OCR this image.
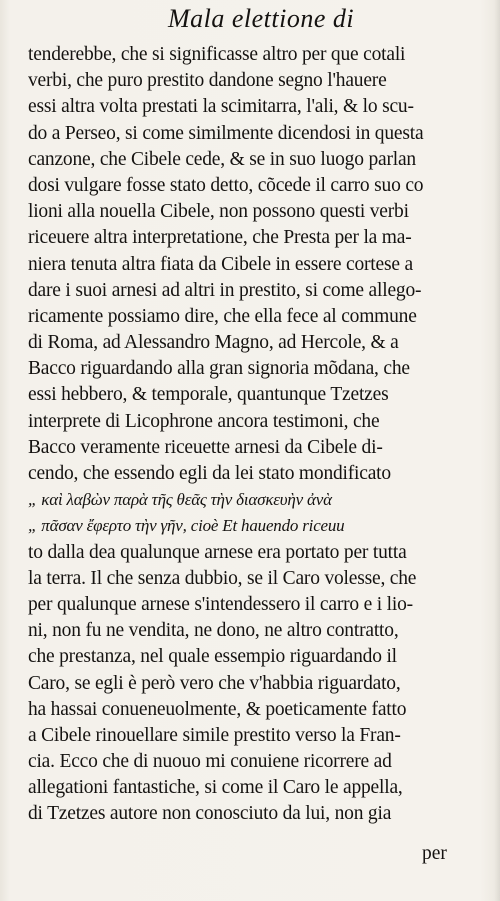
Mala elettione di
tenderebbe, che si significasse altro per que cotali
verbi, che puro prestito dandone segno l'hauere
essi altra volta prestati la scimitarra, l'ali, & lo scu-
do a Perseo, si come similmente dicendosi in questa
canzone, che Cibele cede, & se in suo luogo parlan
dosi vulgare fosse stato detto, cõcede il carro suo co
lioni alla nouella Cibele, non possono questi verbi
riceuere altra interpretatione, che Presta per la ma-
niera tenuta altra fiata da Cibele in essere cortese a
dare i suoi arnesi ad altri in prestito, si come allego-
ricamente possiamo dire, che ella fece al commune
di Roma, ad Alessandro Magno, ad Hercole, & a
Bacco riguardando alla gran signoria mõdana, che
essi hebbero, & temporale, quantunque Tzetzes
interprete di Licophrone ancora testimoni, che
Bacco veramente riceuette arnesi da Cibele di-
cendo, che essendo egli da lei stato mondificato
„ καὶ λαβὼν παρὰ τῆς θεᾶς τὴν διασκευὴν ἀνὰ
„ πᾶσαν ἔφερτο τὴν γῆν, cioè Et hauendo riceuu
to dalla dea qualunque arnese era portato per tutta
la terra. Il che senza dubbio, se il Caro volesse, che
per qualunque arnese s'intendessero il carro e i lio-
ni, non fu ne vendita, ne dono, ne altro contratto,
che prestanza, nel quale essempio riguardando il
Caro, se egli è però vero che v'habbia riguardato,
ha hassai conueneuolmente, & poeticamente fatto
a Cibele rinouellare simile prestito verso la Fran-
cia. Ecco che di nuouo mi conuiene ricorrere ad
allegationi fantastiche, si come il Caro le appella,
di Tzetzes autore non conosciuto da lui, non gia
per
